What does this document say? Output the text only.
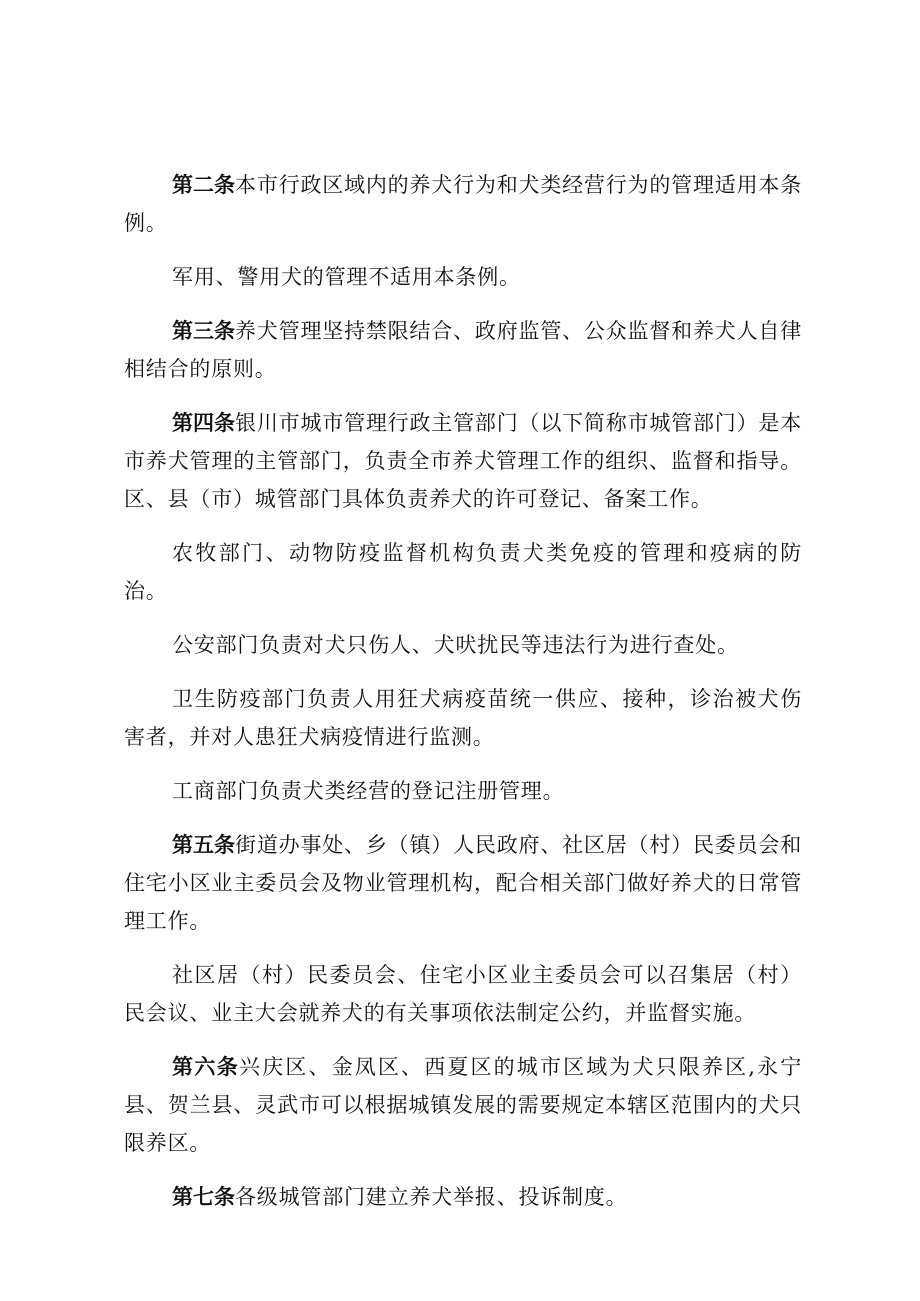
第二条本市行政区域内的养犬行为和犬类经营行为的管理适用本条例。

军用、警用犬的管理不适用本条例。

第三条养犬管理坚持禁限结合、政府监管、公众监督和养犬人自律相结合的原则。

第四条银川市城市管理行政主管部门（以下简称市城管部门）是本市养犬管理的主管部门，负责全市养犬管理工作的组织、监督和指导。区、县（市）城管部门具体负责养犬的许可登记、备案工作。

农牧部门、动物防疫监督机构负责犬类免疫的管理和疫病的防治。

公安部门负责对犬只伤人、犬吠扰民等违法行为进行查处。

卫生防疫部门负责人用狂犬病疫苗统一供应、接种，诊治被犬伤害者，并对人患狂犬病疫情进行监测。

工商部门负责犬类经营的登记注册管理。

第五条街道办事处、乡（镇）人民政府、社区居（村）民委员会和住宅小区业主委员会及物业管理机构，配合相关部门做好养犬的日常管理工作。

社区居（村）民委员会、住宅小区业主委员会可以召集居（村）民会议、业主大会就养犬的有关事项依法制定公约，并监督实施。

第六条兴庆区、金凤区、西夏区的城市区域为犬只限养区,永宁县、贺兰县、灵武市可以根据城镇发展的需要规定本辖区范围内的犬只限养区。

第七条各级城管部门建立养犬举报、投诉制度。
